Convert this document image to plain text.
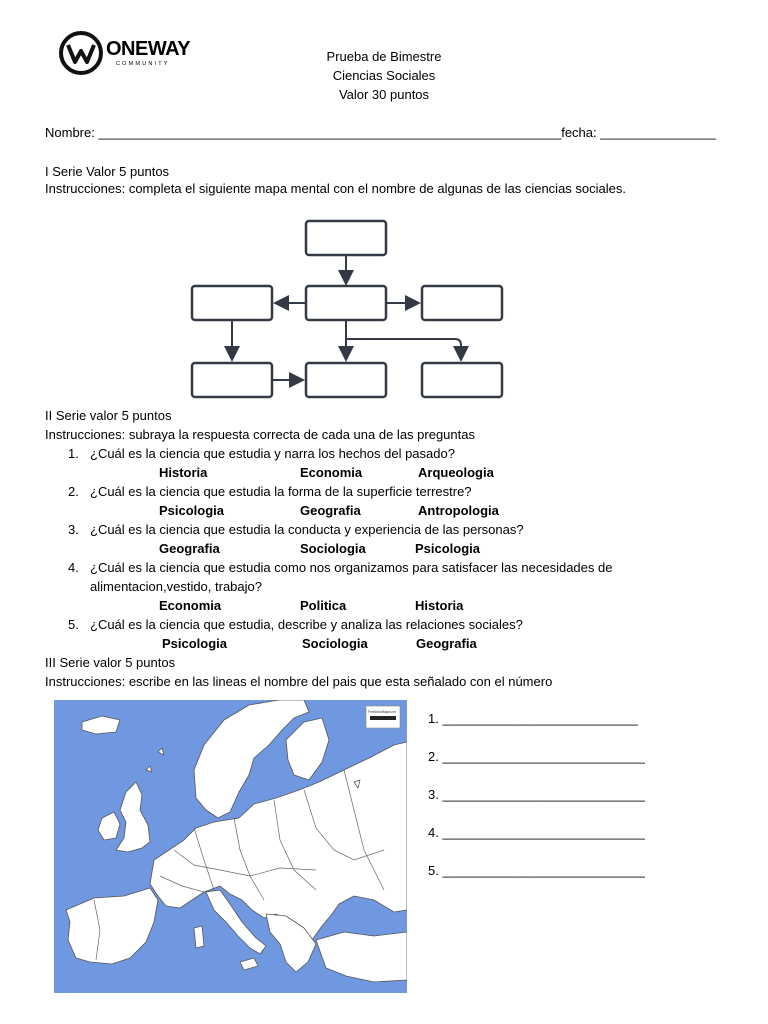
ONEWAY
COMMUNITY	Prueba de Bimestre
Ciencias Sociales
Valor 30 puntos
Nombre: ________________________________________________________________fecha: ________________
I Serie Valor 5 puntos
Instrucciones: completa el siguiente mapa mental con el nombre de algunas de las ciencias sociales.
II Serie valor 5 puntos
Instrucciones: subraya la respuesta correcta de cada una de las preguntas
1. ¿Cuál es la ciencia que estudia y narra los hechos del pasado?
Historia	Economia	Arqueologia
2. ¿Cuál es la ciencia que estudia la forma de la superficie terrestre?
Psicologia	Geografia	Antropologia
3. ¿Cuál es la ciencia que estudia la conducta y experiencia de las personas?
Geografia	Sociologia	Psicologia
4. ¿Cuál es la ciencia que estudia como nos organizamos para satisfacer las necesidades de
alimentacion,vestido, trabajo?
Economia	Politica	Historia
5. ¿Cuál es la ciencia que estudia, describe y analiza las relaciones sociales?
Psicologia	Sociologia	Geografia
III Serie valor 5 puntos
Instrucciones: escribe en las lineas el nombre del pais que esta señalado con el número
FreeWorldMaps.net 1. ___________________________
2. ____________________________
3. ____________________________
4. ____________________________
5. ____________________________
